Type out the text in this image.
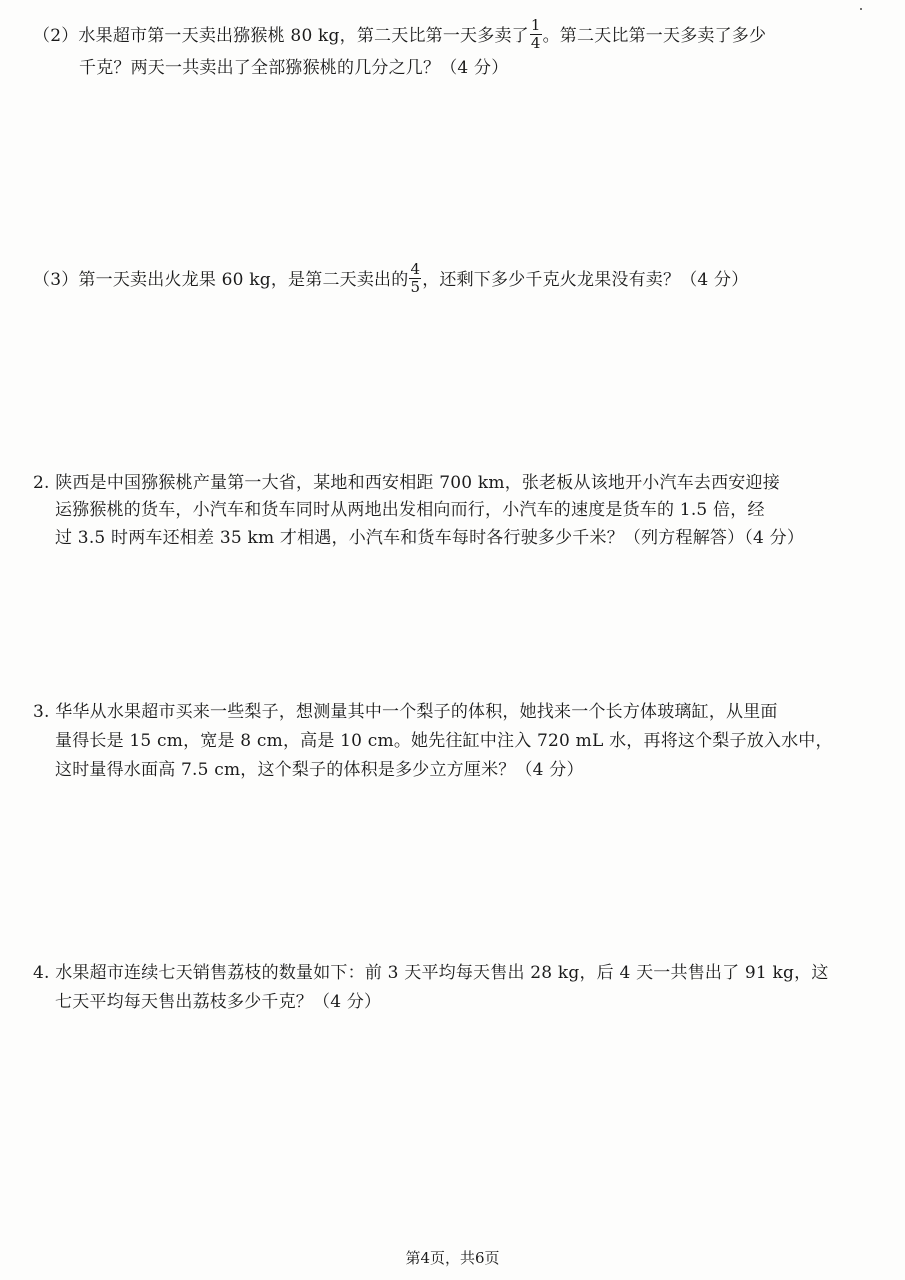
（2）水果超市第一天卖出猕猴桃 80 kg，第二天比第一天多卖了 $\frac{1}{4}$ 。第二天比第一天多卖了多少
千克？两天一共卖出了全部猕猴桃的几分之几？（4 分）
（3）第一天卖出火龙果 60 kg，是第二天卖出的 $\frac{4}{5}$ ，还剩下多少千克火龙果没有卖？（4 分）
2. 陕西是中国猕猴桃产量第一大省，某地和西安相距 700 km，张老板从该地开小汽车去西安迎接
运猕猴桃的货车，小汽车和货车同时从两地出发相向而行，小汽车的速度是货车的 1.5 倍，经
过 3.5 时两车还相差 35 km 才相遇，小汽车和货车每时各行驶多少千米？（列方程解答）（4 分）
3. 华华从水果超市买来一些梨子，想测量其中一个梨子的体积，她找来一个长方体玻璃缸，从里面
量得长是 15 cm，宽是 8 cm，高是 10 cm。她先往缸中注入 720 mL 水，再将这个梨子放入水中，
这时量得水面高 7.5 cm，这个梨子的体积是多少立方厘米？（4 分）
4. 水果超市连续七天销售荔枝的数量如下：前 3 天平均每天售出 28 kg，后 4 天一共售出了 91 kg，这
七天平均每天售出荔枝多少千克？（4 分）
第4页，共6页
